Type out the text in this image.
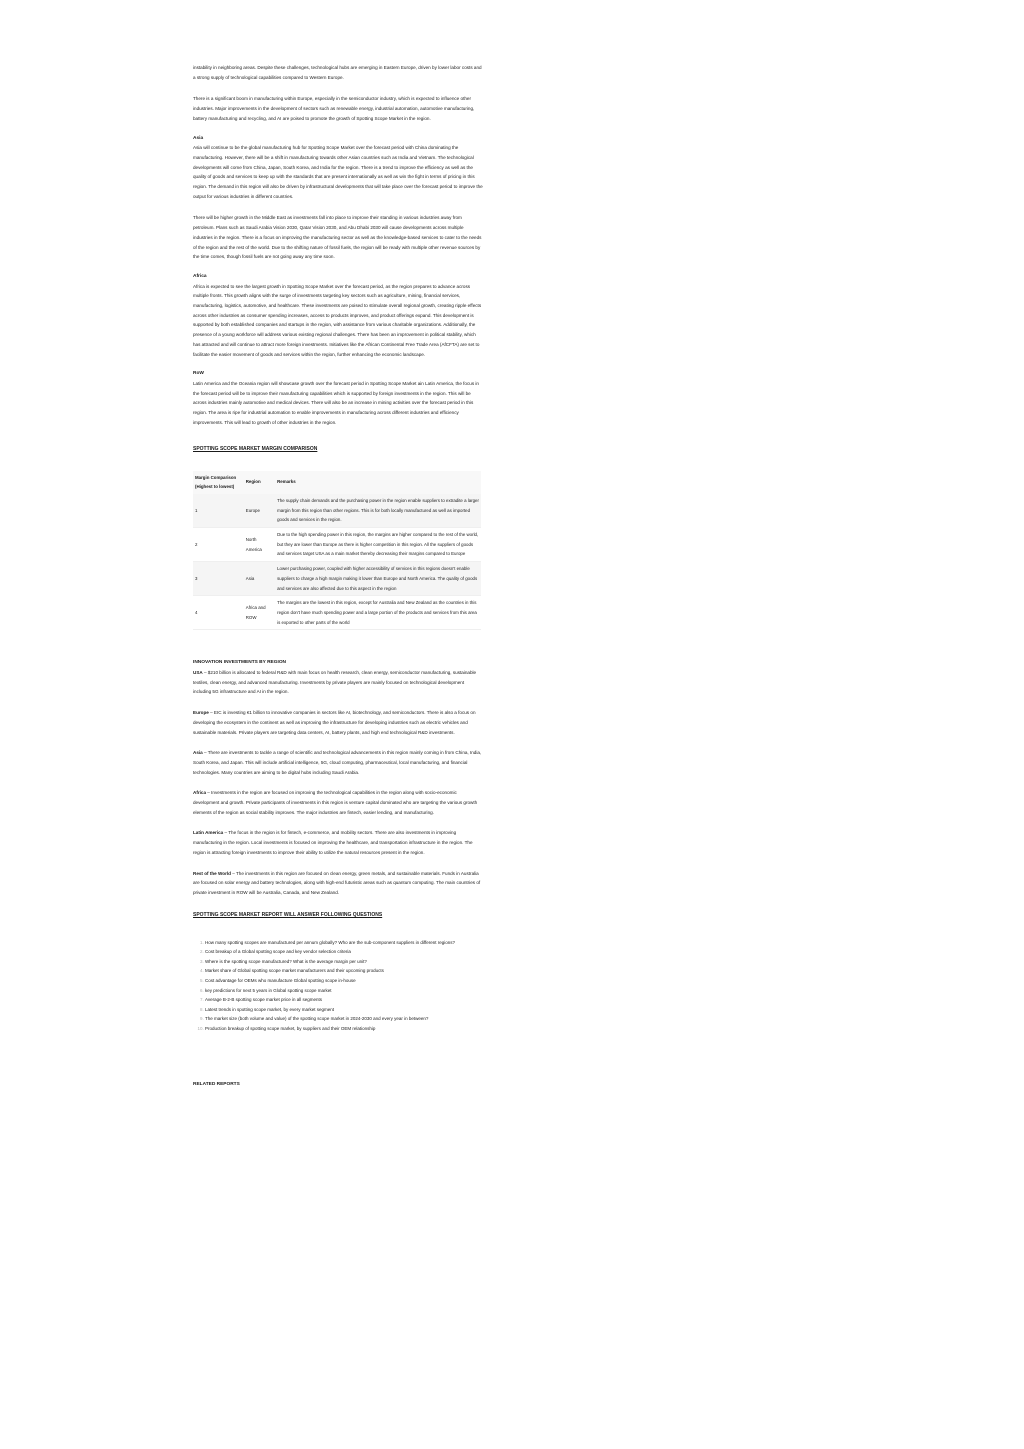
instability in neighboring areas. Despite these challenges, technological hubs are emerging in Eastern Europe, driven by lower labor costs and a strong supply of technological capabilities compared to Western Europe.

There is a significant boom in manufacturing within Europe, especially in the semiconductor industry, which is expected to influence other industries. Major improvements in the development of sectors such as renewable energy, industrial automation, automotive manufacturing, battery manufacturing and recycling, and AI are poised to promote the growth of Spotting Scope Market in the region.

Asia

Asia will continue to be the global manufacturing hub for Spotting Scope Market over the forecast period with China dominating the manufacturing. However, there will be a shift in manufacturing towards other Asian countries such as India and Vietnam. The technological developments will come from China, Japan, South Korea, and India for the region. There is a trend to improve the efficiency as well as the quality of goods and services to keep up with the standards that are present internationally as well as win the fight in terms of pricing in this region. The demand in this region will also be driven by infrastructural developments that will take place over the forecast period to improve the output for various industries in different countries.

There will be higher growth in the Middle East as investments fall into place to improve their standing in various industries away from petroleum. Plans such as Saudi Arabia Vision 2030, Qatar Vision 2030, and Abu Dhabi 2030 will cause developments across multiple industries in the region. There is a focus on improving the manufacturing sector as well as the knowledge-based services to cater to the needs of the region and the rest of the world. Due to the shifting nature of fossil fuels, the region will be ready with multiple other revenue sources by the time comes, though fossil fuels are not going away any time soon.

Africa

Africa is expected to see the largest growth in Spotting Scope Market over the forecast period, as the region prepares to advance across multiple fronts. This growth aligns with the surge of investments targeting key sectors such as agriculture, mining, financial services, manufacturing, logistics, automotive, and healthcare. These investments are poised to stimulate overall regional growth, creating ripple effects across other industries as consumer spending increases, access to products improves, and product offerings expand. This development is supported by both established companies and startups in the region, with assistance from various charitable organizations. Additionally, the presence of a young workforce will address various existing regional challenges. There has been an improvement in political stability, which has attracted and will continue to attract more foreign investments. Initiatives like the African Continental Free Trade Area (AfCFTA) are set to facilitate the easier movement of goods and services within the region, further enhancing the economic landscape.

RoW

Latin America and the Oceania region will showcase growth over the forecast period in Spotting Scope Market a​in Latin America, the focus in the forecast period will be to improve their manufacturing capabilities which is supported by foreign investments in the region. This will be across industries mainly automotive and medical devices. There will also be an increase in mining activities over the forecast period in this region. The area is ripe for industrial automation to enable improvements in manufacturing across different industries and efficiency improvements. This will lead to growth of other industries in the region.

SPOTTING SCOPE MARKET MARGIN COMPARISON
Margin Comparison (Highest to lowest)	Region	Remarks
1	Europe	The supply chain demands and the purchasing power in the region enable suppliers to extradite a larger margin from this region than other regions. This is for both locally manufactured as well as imported goods and services in the region.
2	North America	Due to the high spending power in this region, the margins are higher compared to the rest of the world, but they are lower than Europe as there is higher competition in this region. All the suppliers of goods and services target USA as a main market thereby decreasing their margins compared to Europe
3	Asia	Lower purchasing power, coupled with higher accessibility of services in this regions doesn't enable suppliers to charge a high margin making it lower than Europe and North America. The quality of goods and services are also affected due to this aspect in the region
4	Africa and ROW	The margins are the lowest in this region, except for Australia and New Zealand as the countries in this region don't have much spending power and a large portion of the products and services from this area is exported to other parts of the world
INNOVATION INVESTMENTS BY REGION

USA – $210 billion is allocated to federal R&D with main focus on health research, clean energy, semiconductor manufacturing, sustainable textiles, clean energy, and advanced manufacturing. Investments by private players are mainly focused on technological development including 5G infrastructure and AI in the region.

Europe – EIC is investing €1 billion to innovative companies in sectors like AI, biotechnology, and semiconductors. There is also a focus on developing the ecosystem in the continent as well as improving the infrastructure for developing industries such as electric vehicles and sustainable materials. Private players are targeting data centers, AI, battery plants, and high end technological R&D investments.

Asia – There are investments to tackle a range of scientific and technological advancements in this region mainly coming in from China, India, South Korea, and Japan. This will include artificial intelligence, 5G, cloud computing, pharmaceutical, local manufacturing, and financial technologies. Many countries are aiming to be digital hubs including Saudi Arabia.

Africa – Investments in the region are focused on improving the technological capabilities in the region along with socio-economic development and growth. Private participants of investments in this region is venture capital dominated who are targeting the various growth elements of the region as social stability improves. The major industries are fintech, easier lending, and manufacturing.

Latin America – The focus in the region is for fintech, e-commerce, and mobility sectors. There are also investments in improving manufacturing in the region. Local investments is focused on improving the healthcare, and transportation infrastructure in the region. The region is attracting foreign investments to improve their ability to utilize the natural resources present in the region.

Rest of the World – The investments in this region are focused on clean energy, green metals, and sustainable materials. Funds in Australia are focused on solar energy and battery technologies, along with high-end futuristic areas such as quantum computing. The main countries of private investment in ROW will be Australia, Canada, and New Zealand.

SPOTTING SCOPE MARKET REPORT WILL ANSWER FOLLOWING QUESTIONS
1. How many spotting scopes are manufactured per annum globally? Who are the sub-component suppliers in different regions?
2. Cost breakup of a Global spotting scope and key vendor selection criteria
3. Where is the spotting scope manufactured? What is the average margin per unit?
4. Market share of Global spotting scope market manufacturers and their upcoming products
5. Cost advantage for OEMs who manufacture Global spotting scope in-house
6. key predictions for next 5 years in Global spotting scope market
7. Average B-2-B spotting scope market price in all segments
8. Latest trends in spotting scope market, by every market segment
9. The market size (both volume and value) of the spotting scope market in 2024-2030 and every year in between?
10. Production breakup of spotting scope market, by suppliers and their OEM relationship
RELATED REPORTS
